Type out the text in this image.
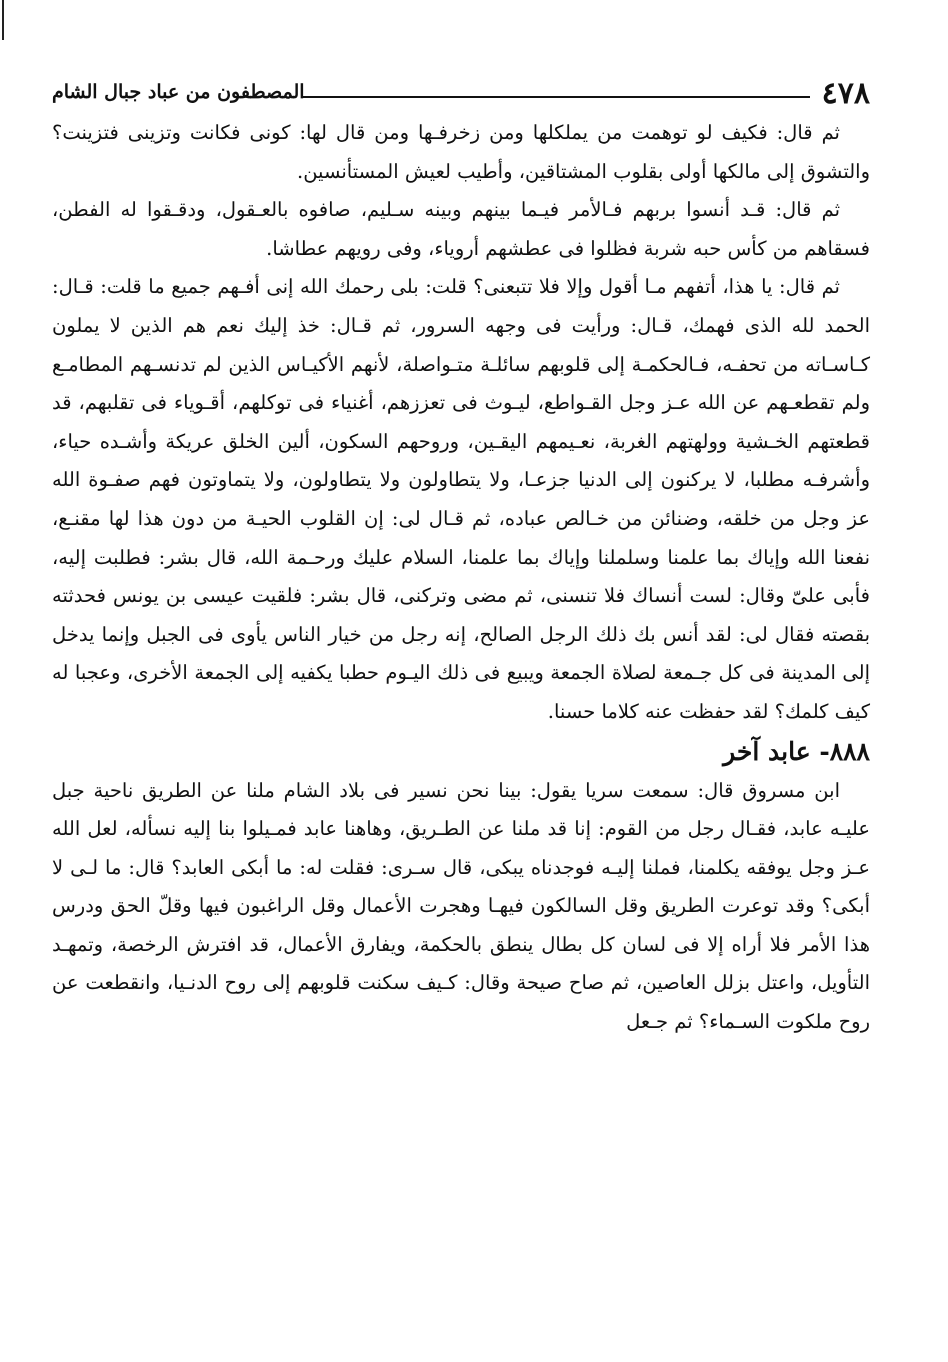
٤٧٨
المصطفون من عباد جبال الشام

ثم قال: فكيف لو توهمت من يملكلها ومن زخرفـها ومن قال لها: كونى فكانت وتزينى فتزينت؟ والتشوق إلى مالكها أولى بقلوب المشتاقين، وأطيب لعيش المستأنسين.

ثم قال: قـد أنسوا بربهم فـالأمر فيـما بينهم وبينه سـليم، صافوه بالعـقول، ودقـقوا له الفطن، فسقاهم من كأس حبه شربة فظلوا فى عطشهم أروياء، وفى رويهم عطاشا.

ثم قال: يا هذا، أتفهم مـا أقول وإلا فلا تتبعنى؟ قلت: بلى رحمك الله إنى أفـهم جميع ما قلت: قـال: الحمد لله الذى فهمك، قـال: ورأيت فى وجهه السرور، ثم قـال: خذ إليك نعم هم الذين لا يملون كـاسـاته من تحفـه، فـالحكمـة إلى قلوبهم سائلـة متـواصلة، لأنهم الأكيـاس الذين لم تدنسـهم المطامـع ولم تقطعـهم عن الله عـز وجل القـواطع، ليـوث فى تعززهم، أغنياء فى توكلهم، أقـوياء فى تقلبهم، قد قطعتهم الخـشية وولهتهم الغربة، نعـيمهم اليقـين، وروحهم السكون، ألين الخلق عريكة وأشـده حياء، وأشرفـه مطلبا، لا يركنون إلى الدنيا جزعـا، ولا يتطاولون ولا يتطاولون، ولا يتماوتون فهم صفـوة الله عز وجل من خلقه، وضنائن من خـالص عباده، ثم قـال لى: إن القلوب الحيـة من دون هذا لها مقنـع، نفعنا الله وإياك بما علمنا وسلملنا وإياك بما علمنا، السلام عليك ورحـمة الله، قال بشر: فطلبت إليه، فأبى علىّ وقال: لست أنساك فلا تنسنى، ثم مضى وتركنى، قال بشر: فلقيت عيسى بن يونس فحدثته بقصته فقال لى: لقد أنس بك ذلك الرجل الصالح، إنه رجل من خيار الناس يأوى فى الجبل وإنما يدخل إلى المدينة فى كل جـمعة لصلاة الجمعة ويبيع فى ذلك اليـوم حطبا يكفيه إلى الجمعة الأخرى، وعجبا له كيف كلمك؟ لقد حفظت عنه كلاما حسنا.

٨٨٨- عابد آخر

ابن مسروق قال: سمعت سريا يقول: بينا نحن نسير فى بلاد الشام ملنا عن الطريق ناحية جبل عليـه عابد، فقـال رجل من القوم: إنا قد ملنا عن الطـريق، وهاهنا عابد فمـيلوا بنا إليه نسأله، لعل الله عـز وجل يوفقه يكلمنا، فملنا إليـه فوجدناه يبكى، قال سـرى: فقلت له: ما أبكى العابد؟ قال: ما لـى لا أبكى؟ وقد توعرت الطريق وقل السالكون فيهـا وهجرت الأعمال وقل الراغبون فيها وقلّ الحق ودرس هذا الأمر فلا أراه إلا فى لسان كل بطال ينطق بالحكمة، ويفارق الأعمال، قد افترش الرخصة، وتمهـد التأويل، واعتل بزلل العاصين، ثم صاح صيحة وقال: كـيف سكنت قلوبهم إلى روح الدنـيا، وانقطعت عن روح ملكوت السـماء؟ ثم جـعل
